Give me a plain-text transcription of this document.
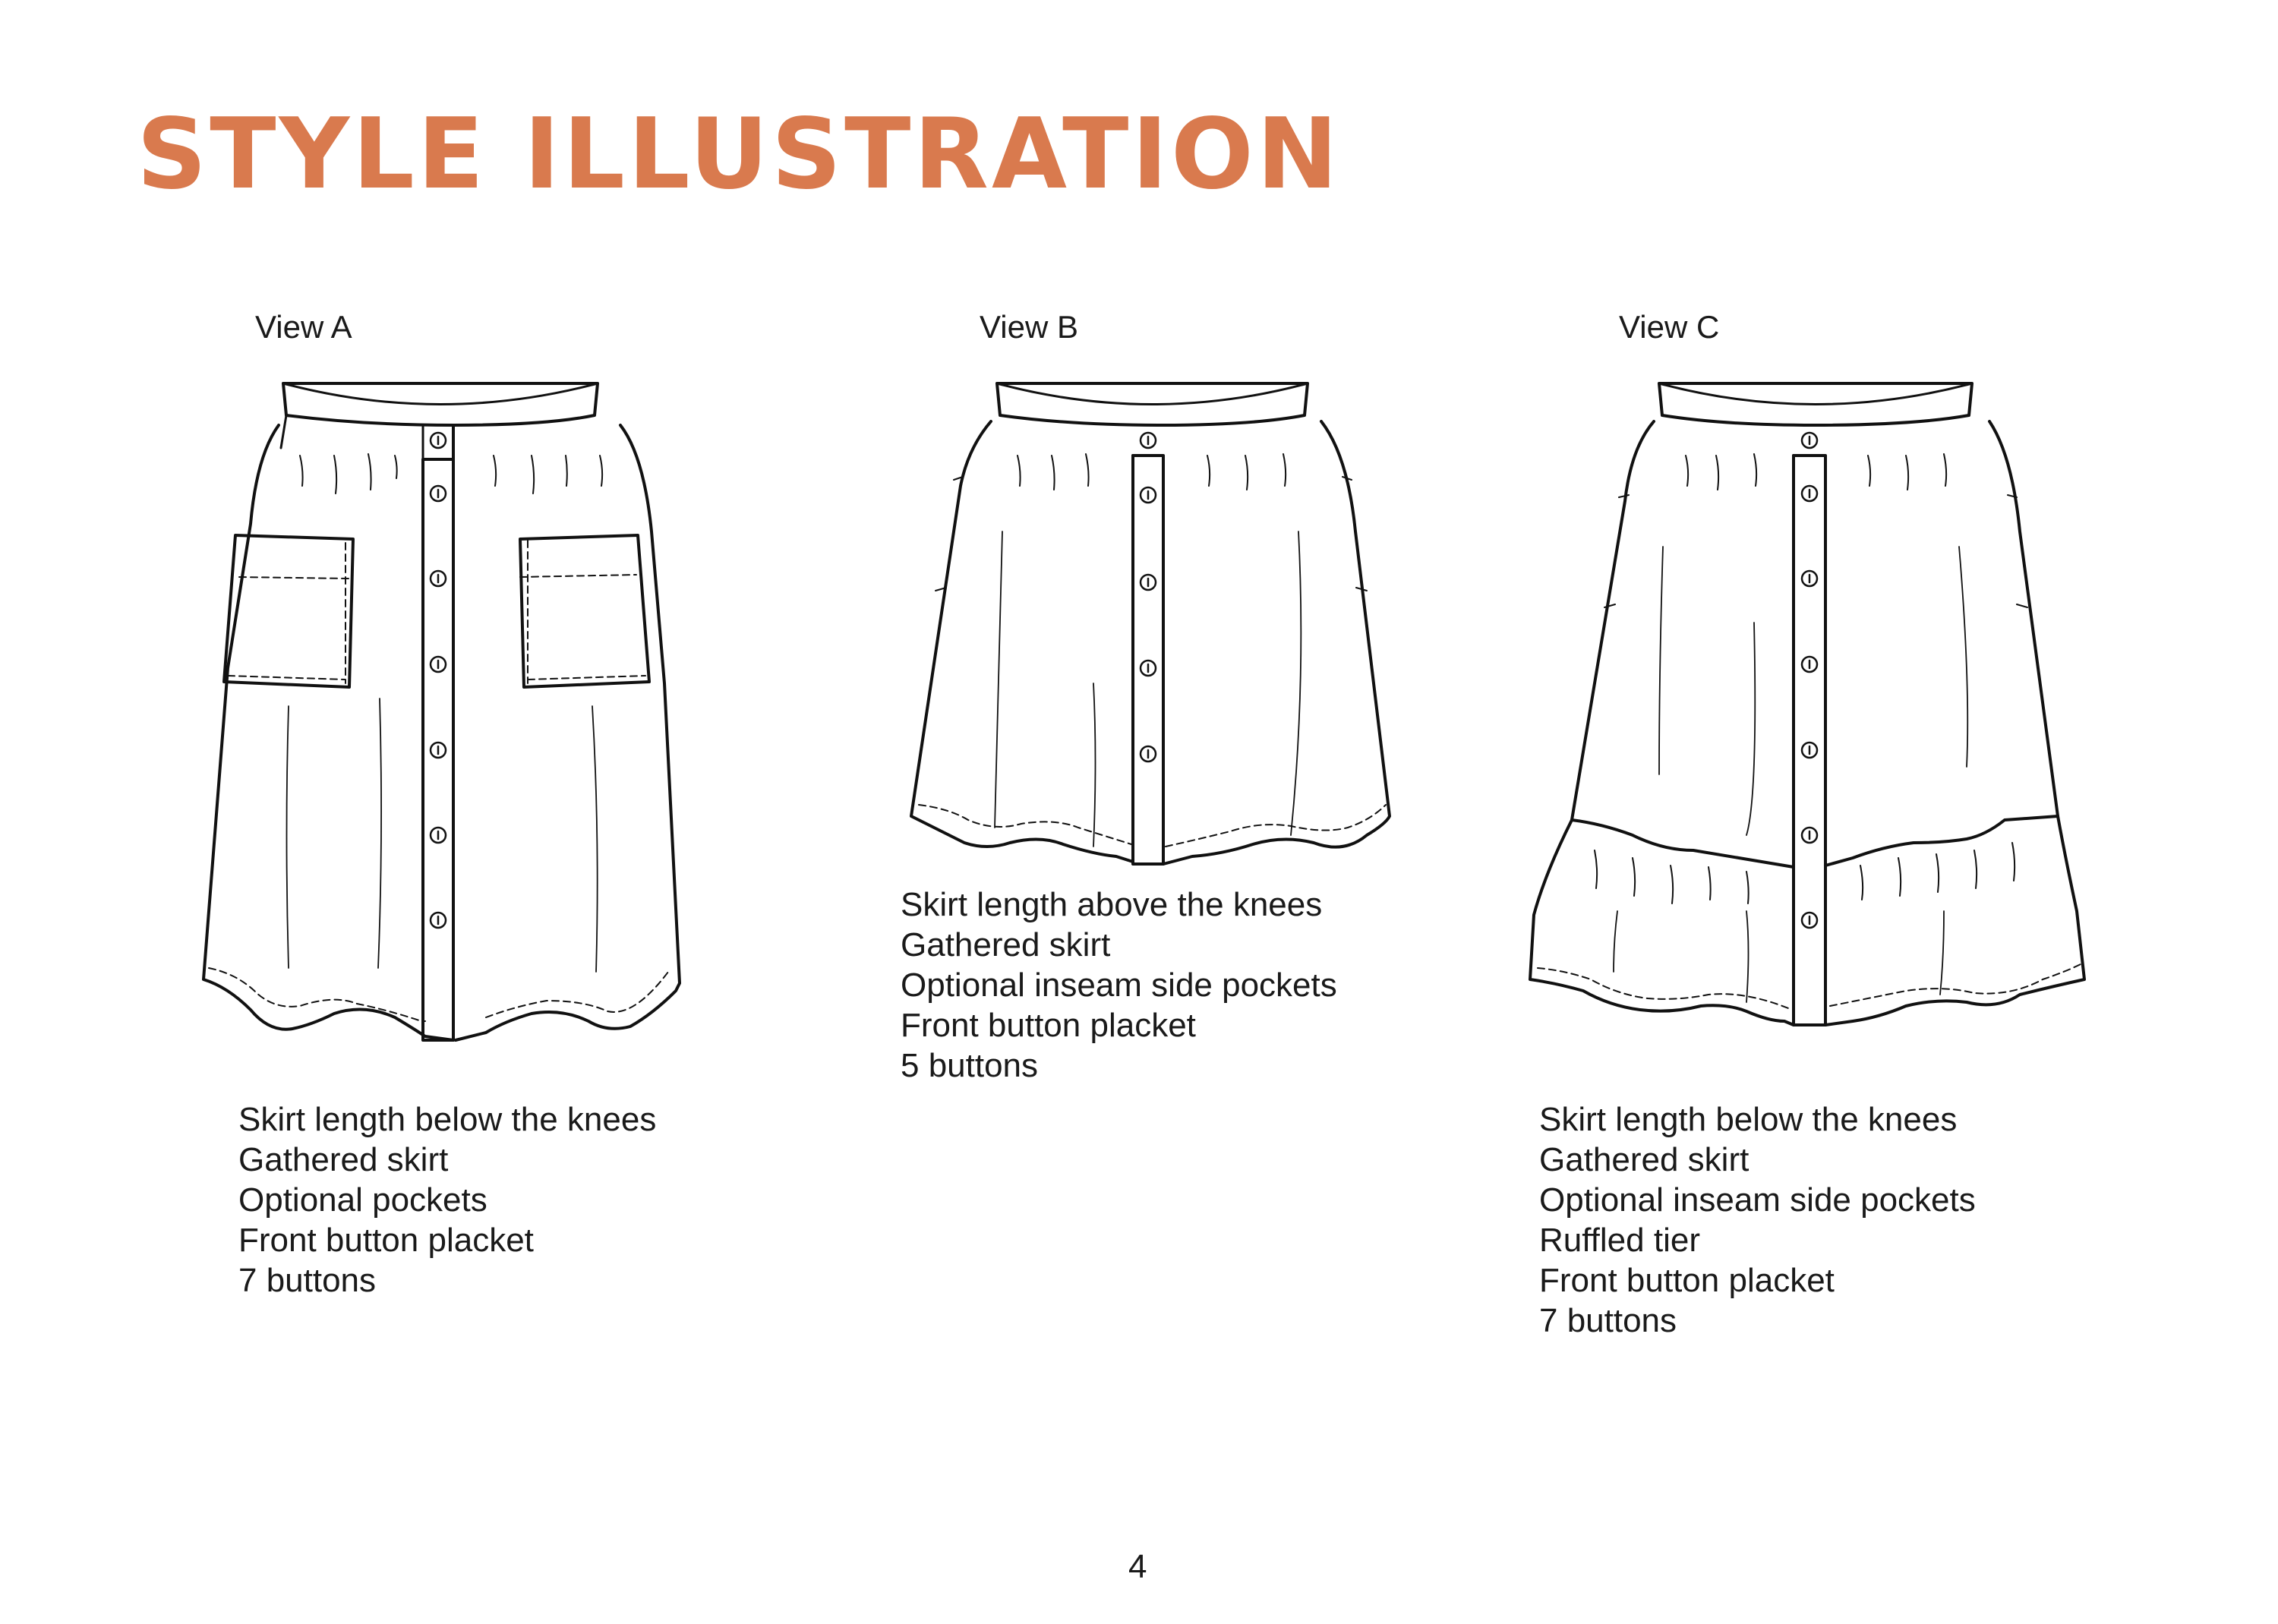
STYLE ILLUSTRATION
View A	View B	View C
Skirt length below the knees
Gathered skirt
Optional pockets
Front button placket
7 buttons
Skirt length above the knees
Gathered skirt
Optional inseam side pockets
Front button placket
5 buttons
Skirt length below the knees
Gathered skirt
Optional inseam side pockets
Ruffled tier
Front button placket
7 buttons
4
